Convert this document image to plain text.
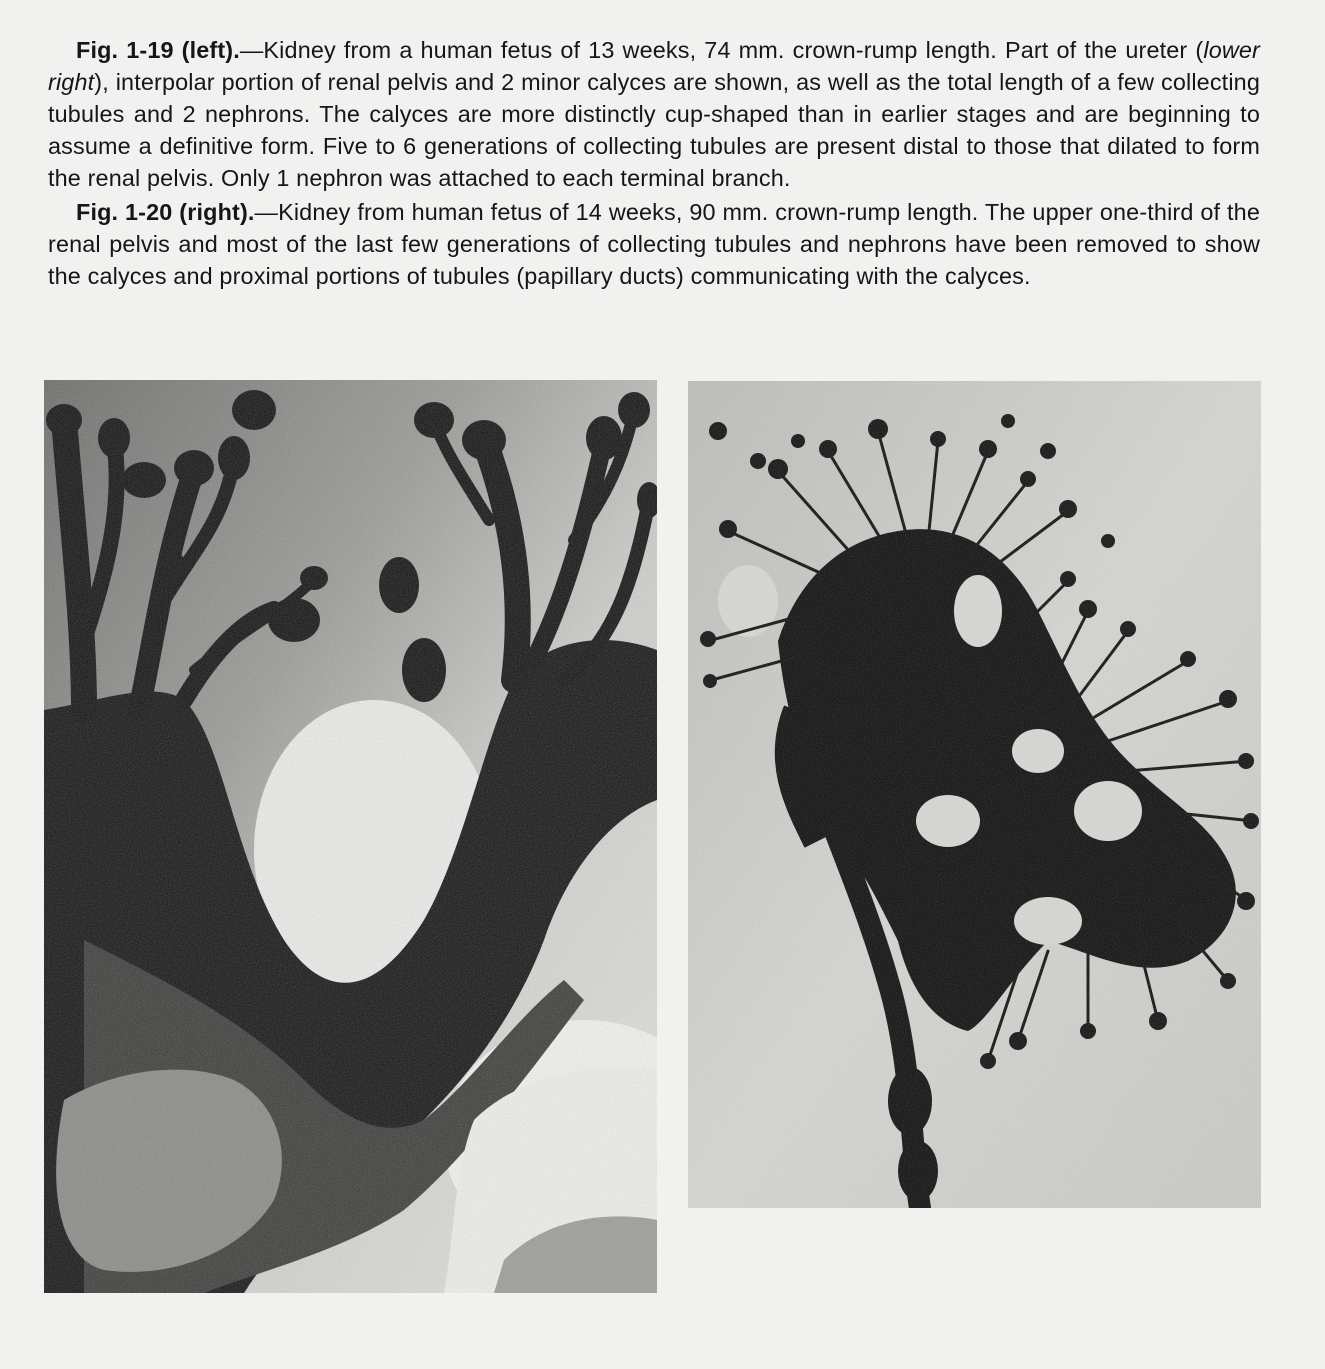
Fig. 1-19 (left).—Kidney from a human fetus of 13 weeks, 74 mm. crown-rump length. Part of the ureter (lower right), interpolar portion of renal pelvis and 2 minor calyces are shown, as well as the total length of a few collecting tubules and 2 nephrons. The calyces are more distinctly cup-shaped than in earlier stages and are beginning to assume a definitive form. Five to 6 generations of collecting tubules are present distal to those that dilated to form the renal pelvis. Only 1 nephron was attached to each terminal branch.

Fig. 1-20 (right).—Kidney from human fetus of 14 weeks, 90 mm. crown-rump length. The upper one-third of the renal pelvis and most of the last few generations of collecting tubules and nephrons have been removed to show the calyces and proximal portions of tubules (papillary ducts) communicating with the calyces.
